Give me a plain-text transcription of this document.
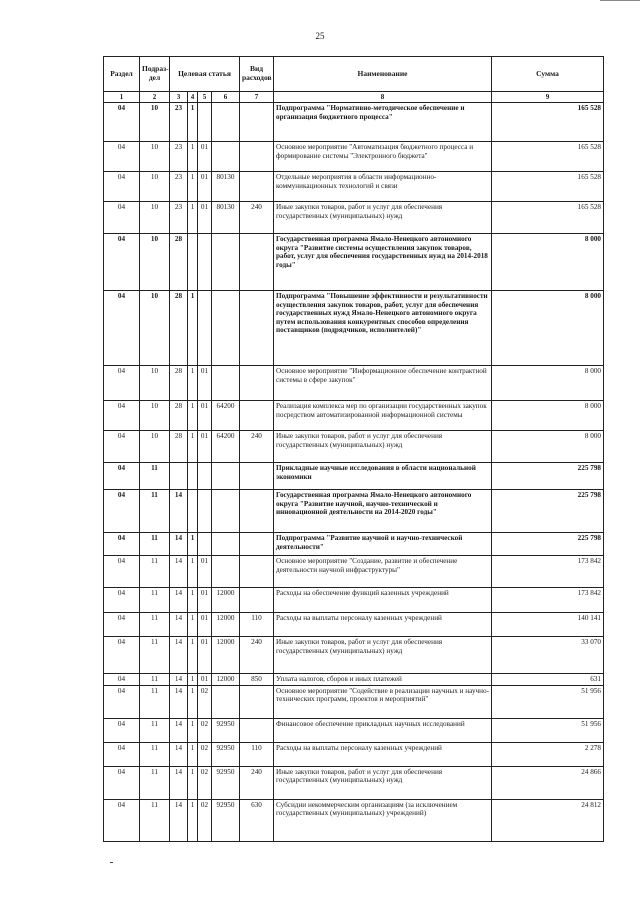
25
Раздел	Подраз-дел	Целевая статья				Вид расходов	Наименование	Сумма
1	2	3	4	5	6	7	8	9
04	10	23	1				Подпрограмма "Нормативно-методическое обеспечение и организация бюджетного процесса"	165 528
04	10	23	1	01			Основное мероприятие "Автоматизация бюджетного процесса и формирование системы "Электронного бюджета"	165 528
04	10	23	1	01	80130		Отдельные мероприятия в области информационно-коммуникационных технологий и связи	165 528
04	10	23	1	01	80130	240	Иные закупки товаров, работ и услуг для обеспечения государственных (муниципальных) нужд	165 528
04	10	28					Государственная программа Ямало-Ненецкого автономного округа "Развитие системы осуществления закупок товаров, работ, услуг для обеспечения государственных нужд на 2014-2018 годы"	8 000
04	10	28	1				Подпрограмма "Повышение эффективности и результативности осуществления закупок товаров, работ, услуг для обеспечения государственных нужд Ямало-Ненецкого автономного округа путем использования конкурентных способов определения поставщиков (подрядчиков, исполнителей)"	8 000
04	10	28	1	01			Основное мероприятие "Информационное обеспечение контрактной системы в сфере закупок"	8 000
04	10	28	1	01	64200		Реализация комплекса мер по организации государственных закупок посредством автоматизированной информационной системы	8 000
04	10	28	1	01	64200	240	Иные закупки товаров, работ и услуг для обеспечения государственных (муниципальных) нужд	8 000
04	11						Прикладные научные исследования в области национальной экономики	225 798
04	11	14					Государственная программа Ямало-Ненецкого автономного округа "Развитие научной, научно-технической и инновационной деятельности на 2014-2020 годы"	225 798
04	11	14	1				Подпрограмма "Развитие научной и научно-технической деятельности"	225 798
04	11	14	1	01			Основное мероприятие "Создание, развитие и обеспечение деятельности научной инфраструктуры"	173 842
04	11	14	1	01	12000		Расходы на обеспечение функций казенных учреждений	173 842
04	11	14	1	01	12000	110	Расходы на выплаты персоналу казенных учреждений	140 141
04	11	14	1	01	12000	240	Иные закупки товаров, работ и услуг для обеспечения государственных (муниципальных) нужд	33 070
04	11	14	1	01	12000	850	Уплата налогов, сборов и иных платежей	631
04	11	14	1	02			Основное мероприятие "Содействие в реализации научных и научно-технических программ, проектов и мероприятий"	51 956
04	11	14	1	02	92950		Финансовое обеспечение прикладных научных исследований	51 956
04	11	14	1	02	92950	110	Расходы на выплаты персоналу казенных учреждений	2 278
04	11	14	1	02	92950	240	Иные закупки товаров, работ и услуг для обеспечения государственных (муниципальных) нужд	24 866
04	11	14	1	02	92950	630	Субсидии некоммерческим организациям (за исключением государственных (муниципальных) учреждений)	24 812
